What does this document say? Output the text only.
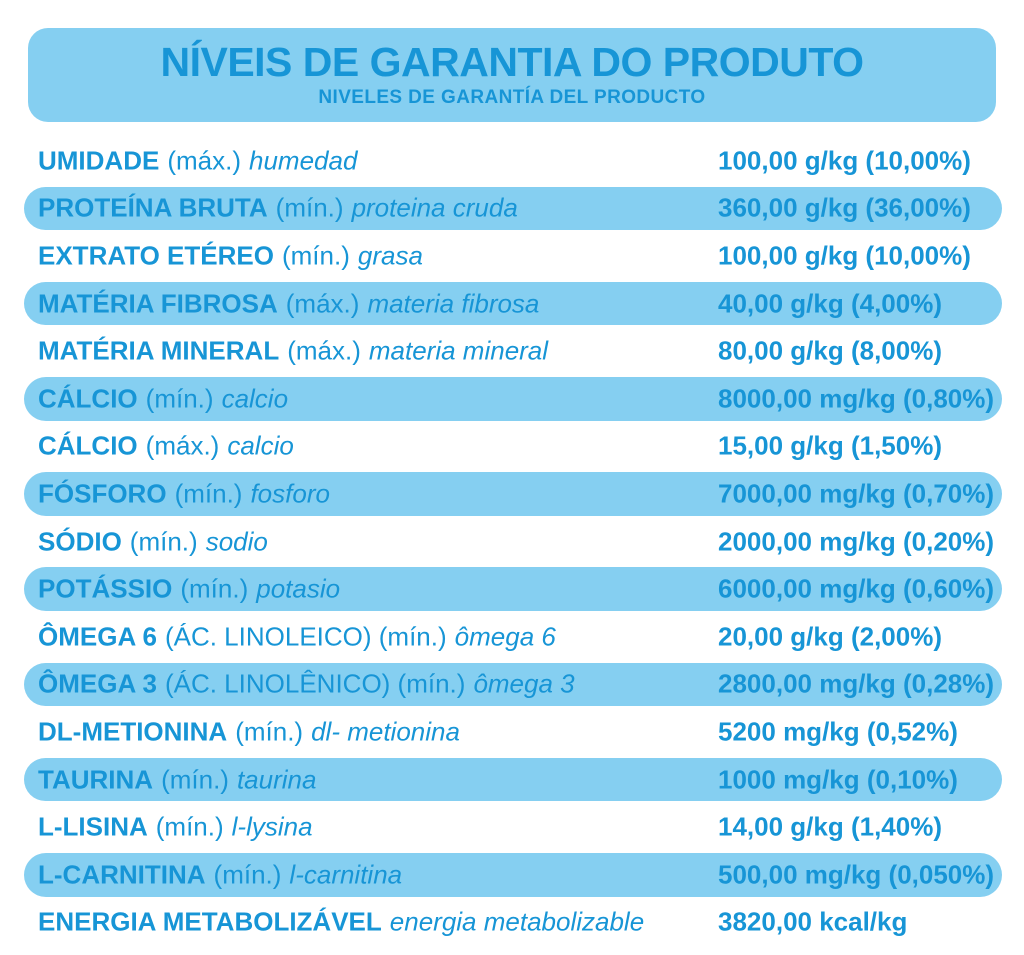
NÍVEIS DE GARANTIA DO PRODUTO
NIVELES DE GARANTÍA DEL PRODUCTO
UMIDADE (máx.) humedad	100,00 g/kg (10,00%)
PROTEÍNA BRUTA (mín.) proteina cruda	360,00 g/kg (36,00%)
EXTRATO ETÉREO (mín.) grasa	100,00 g/kg (10,00%)
MATÉRIA FIBROSA (máx.) materia fibrosa	40,00 g/kg (4,00%)
MATÉRIA MINERAL (máx.) materia mineral	80,00 g/kg (8,00%)
CÁLCIO (mín.) calcio	8000,00 mg/kg (0,80%)
CÁLCIO (máx.) calcio	15,00 g/kg (1,50%)
FÓSFORO (mín.) fosforo	7000,00 mg/kg (0,70%)
SÓDIO (mín.) sodio	2000,00 mg/kg (0,20%)
POTÁSSIO (mín.) potasio	6000,00 mg/kg (0,60%)
ÔMEGA 6 (ÁC. LINOLEICO) (mín.) ômega 6	20,00 g/kg (2,00%)
ÔMEGA 3 (ÁC. LINOLÊNICO) (mín.) ômega 3	2800,00 mg/kg (0,28%)
DL-METIONINA (mín.) dl- metionina	5200 mg/kg (0,52%)
TAURINA (mín.) taurina	1000 mg/kg (0,10%)
L-LISINA (mín.) l-lysina	14,00 g/kg (1,40%)
L-CARNITINA (mín.) l-carnitina	500,00 mg/kg (0,050%)
ENERGIA METABOLIZÁVEL energia metabolizable	3820,00 kcal/kg
